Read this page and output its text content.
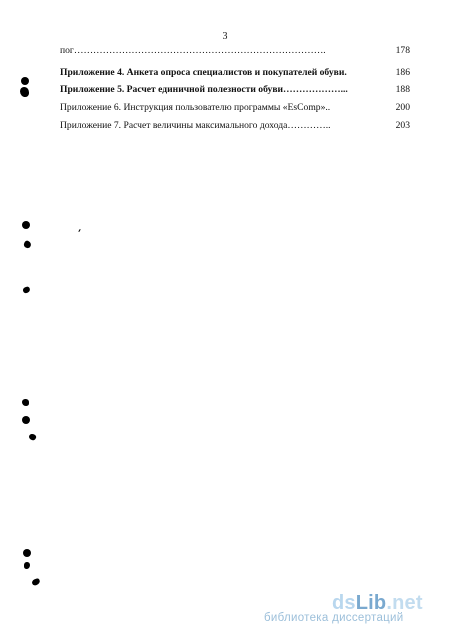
3
пог…………………………………………………………………….	178
Приложение 4. Анкета опроса специалистов и покупателей обуви.	186
Приложение 5. Расчет единичной полезности обуви………………...	188
Приложение 6. Инструкция пользователю программы «EsComp»..	200
Приложение 7. Расчет величины максимального дохода…………..	203
dsLib.net
библиотека диссертаций
